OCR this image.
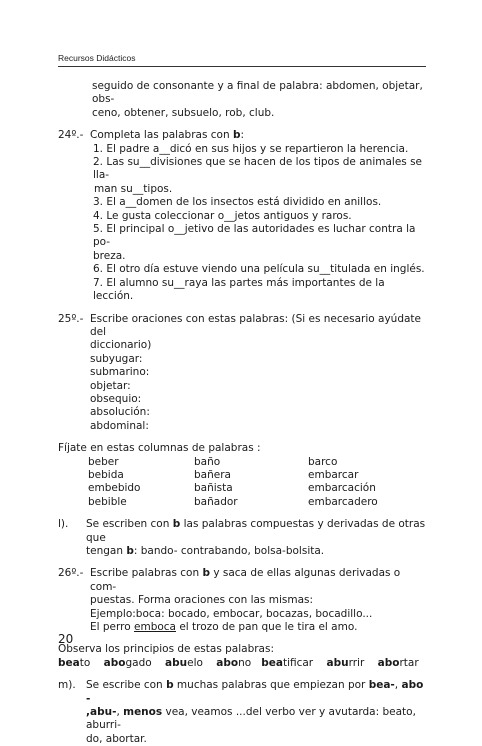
Recursos Didácticos

seguido de consonante y a final de palabra: abdomen, objetar, obs-

ceno, obtener, subsuelo, rob, club.

24º.- Completa las palabras con b:

1. El padre a__dicó en sus hijos y se repartieron la herencia.

2. Las su__divisiones que se hacen de los tipos de animales se lla-

man su__tipos.

3. El a__domen de los insectos está dividido en anillos.

4. Le gusta coleccionar o__jetos antiguos y raros.

5. El principal o__jetivo de las autoridades es luchar contra la po-

breza.

6. El otro día estuve viendo una película su__titulada en inglés.

7. El alumno su__raya las partes más importantes de la lección.

25º.- Escribe oraciones con estas palabras: (Si es necesario ayúdate del

diccionario)

subyugar:

submarino:

objetar:

obsequio:

absolución:

abdominal:

Fíjate en estas columnas de palabras :

beber	baño	barco
bebida	bañera	embarcar
embebido	bañista	embarcación
bebible	bañador	embarcadero
l).	Se escriben con b las palabras compuestas y derivadas de otras que

tengan b: bando- contrabando, bolsa-bolsita.

26º.- Escribe palabras con b y saca de ellas algunas derivadas o com-

puestas. Forma oraciones con las mismas:

Ejemplo:boca: bocado, embocar, bocazas, bocadillo...

El perro emboca el trozo de pan que le tira el amo.

Observa los principios de estas palabras:

beato abogado abuelo abono beatificar aburrir abortar

m). Se escribe con b muchas palabras que empiezan por bea-, abo -

,abu-, menos vea, veamos ...del verbo ver y avutarda: beato, aburri-

do, abortar.

20
